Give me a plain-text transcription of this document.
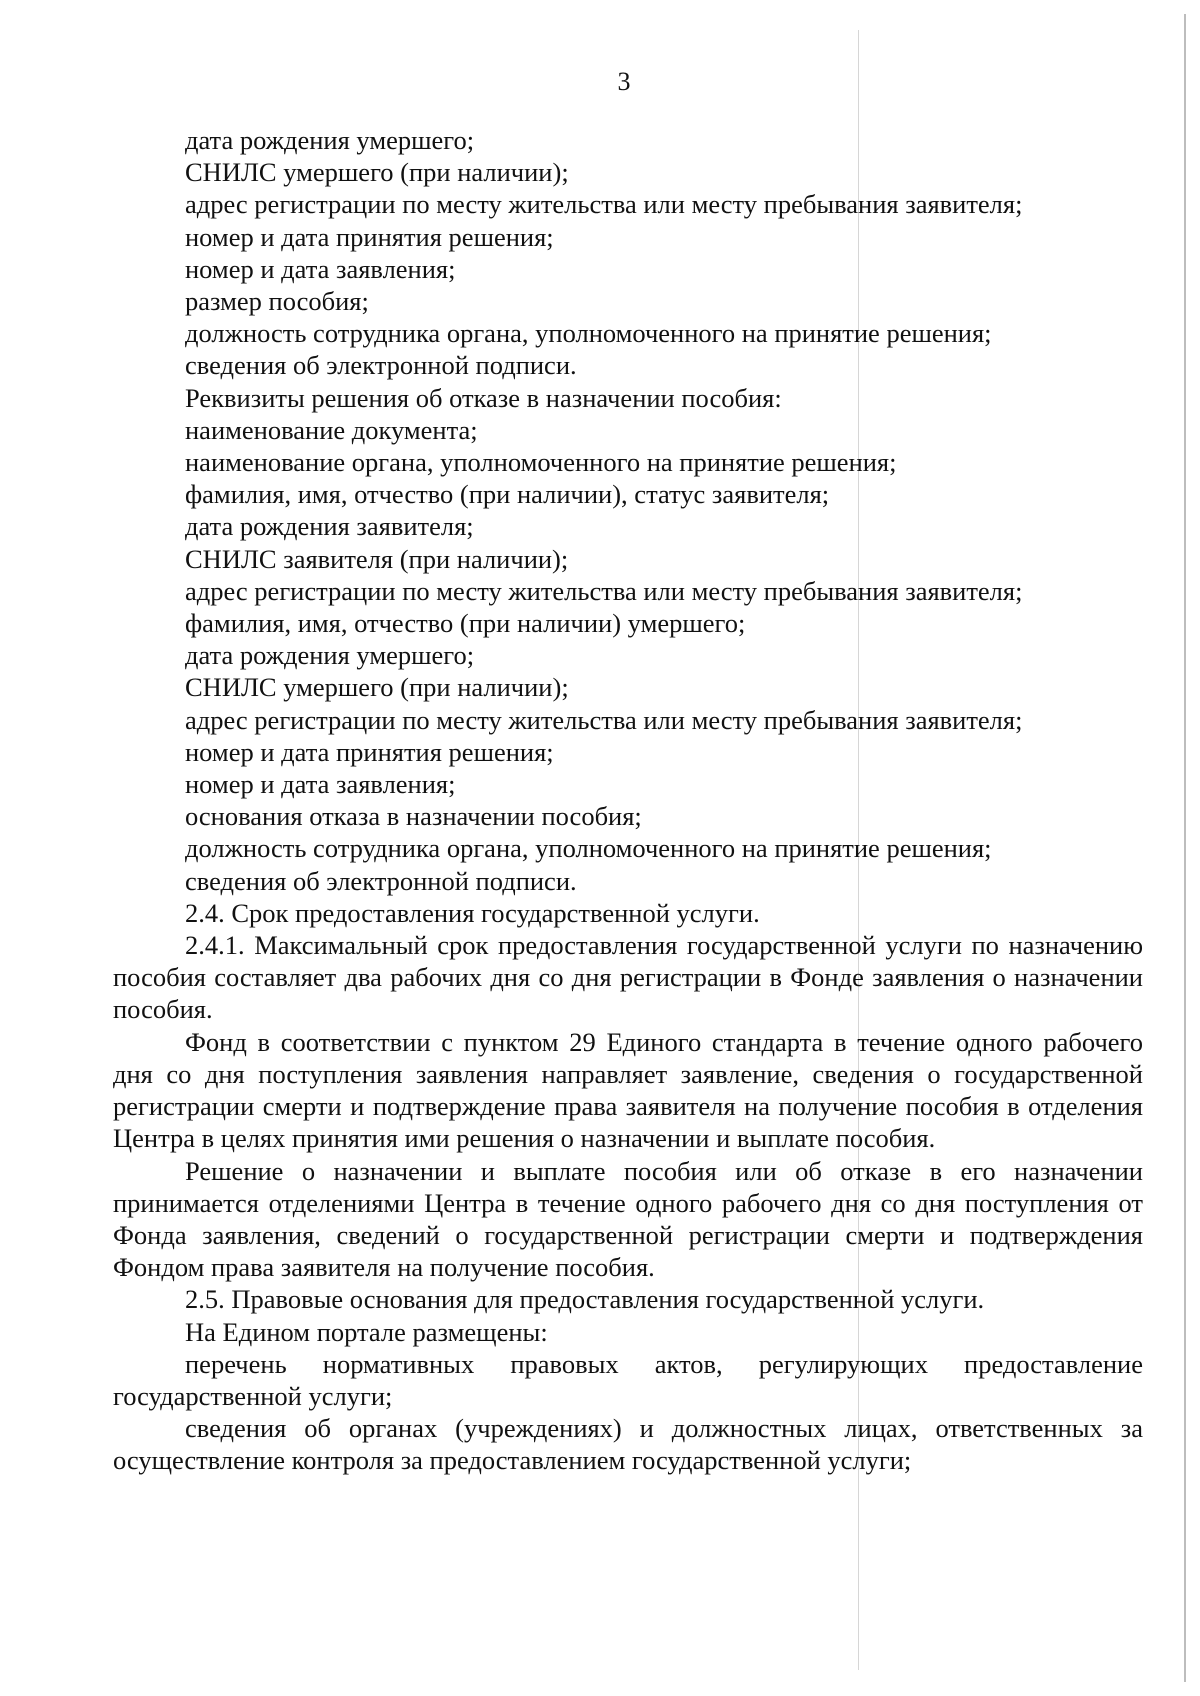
3
дата рождения умершего;
СНИЛС умершего (при наличии);
адрес регистрации по месту жительства или месту пребывания заявителя;
номер и дата принятия решения;
номер и дата заявления;
размер пособия;
должность сотрудника органа, уполномоченного на принятие решения;
сведения об электронной подписи.
Реквизиты решения об отказе в назначении пособия:
наименование документа;
наименование органа, уполномоченного на принятие решения;
фамилия, имя, отчество (при наличии), статус заявителя;
дата рождения заявителя;
СНИЛС заявителя (при наличии);
адрес регистрации по месту жительства или месту пребывания заявителя;
фамилия, имя, отчество (при наличии) умершего;
дата рождения умершего;
СНИЛС умершего (при наличии);
адрес регистрации по месту жительства или месту пребывания заявителя;
номер и дата принятия решения;
номер и дата заявления;
основания отказа в назначении пособия;
должность сотрудника органа, уполномоченного на принятие решения;
сведения об электронной подписи.
2.4. Срок предоставления государственной услуги.
2.4.1. Максимальный срок предоставления государственной услуги по назначению пособия составляет два рабочих дня со дня регистрации в Фонде заявления о назначении пособия.
Фонд в соответствии с пунктом 29 Единого стандарта в течение одного рабочего дня со дня поступления заявления направляет заявление, сведения о государственной регистрации смерти и подтверждение права заявителя на получение пособия в отделения Центра в целях принятия ими решения о назначении и выплате пособия.
Решение о назначении и выплате пособия или об отказе в его назначении принимается отделениями Центра в течение одного рабочего дня со дня поступления от Фонда заявления, сведений о государственной регистрации смерти и подтверждения Фондом права заявителя на получение пособия.
2.5. Правовые основания для предоставления государственной услуги.
На Едином портале размещены:
перечень нормативных правовых актов, регулирующих предоставление государственной услуги;
сведения об органах (учреждениях) и должностных лицах, ответственных за осуществление контроля за предоставлением государственной услуги;
